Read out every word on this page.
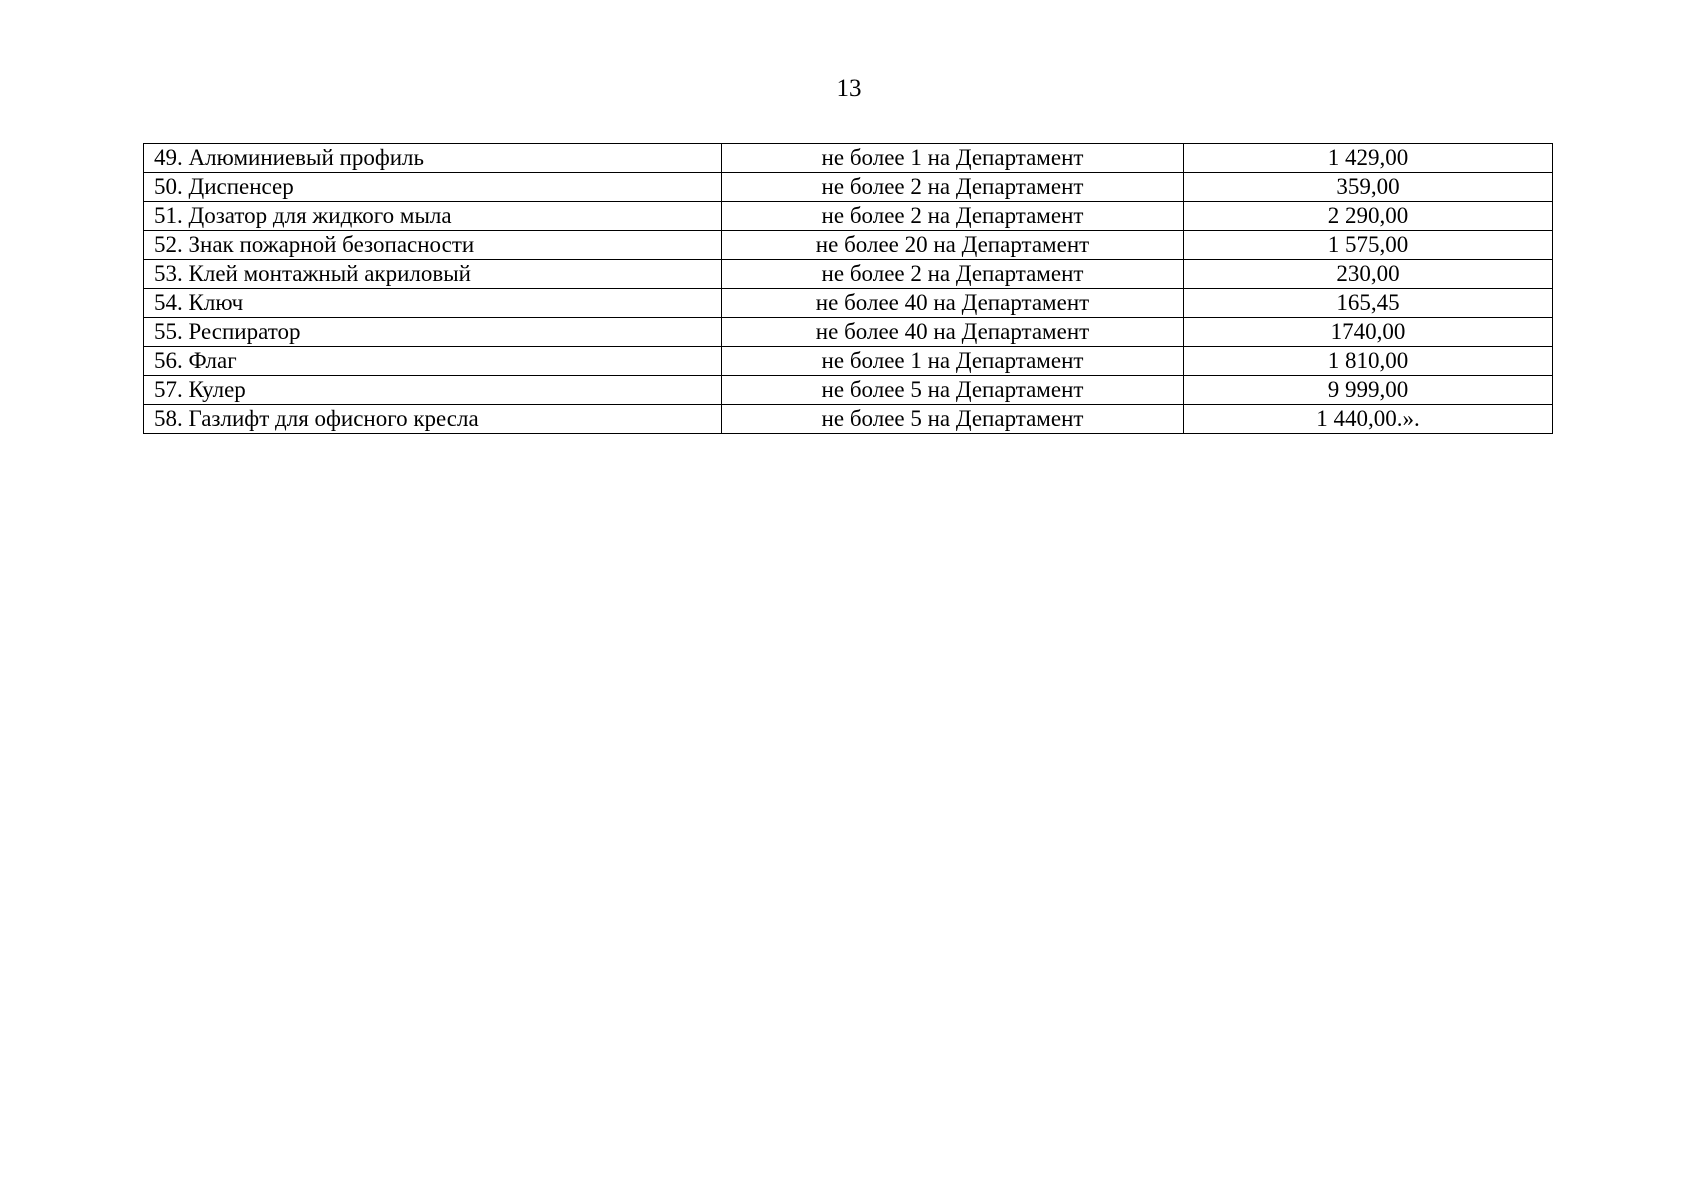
13
49. Алюминиевый профиль	не более 1 на Департамент	1 429,00
50. Диспенсер	не более 2 на Департамент	359,00
51. Дозатор для жидкого мыла	не более 2 на Департамент	2 290,00
52. Знак пожарной безопасности	не более 20 на Департамент	1 575,00
53. Клей монтажный акриловый	не более 2 на Департамент	230,00
54. Ключ	не более 40 на Департамент	165,45
55. Респиратор	не более 40 на Департамент	1740,00
56. Флаг	не более 1 на Департамент	1 810,00
57. Кулер	не более 5 на Департамент	9 999,00
58. Газлифт для офисного кресла	не более 5 на Департамент	1 440,00.».
